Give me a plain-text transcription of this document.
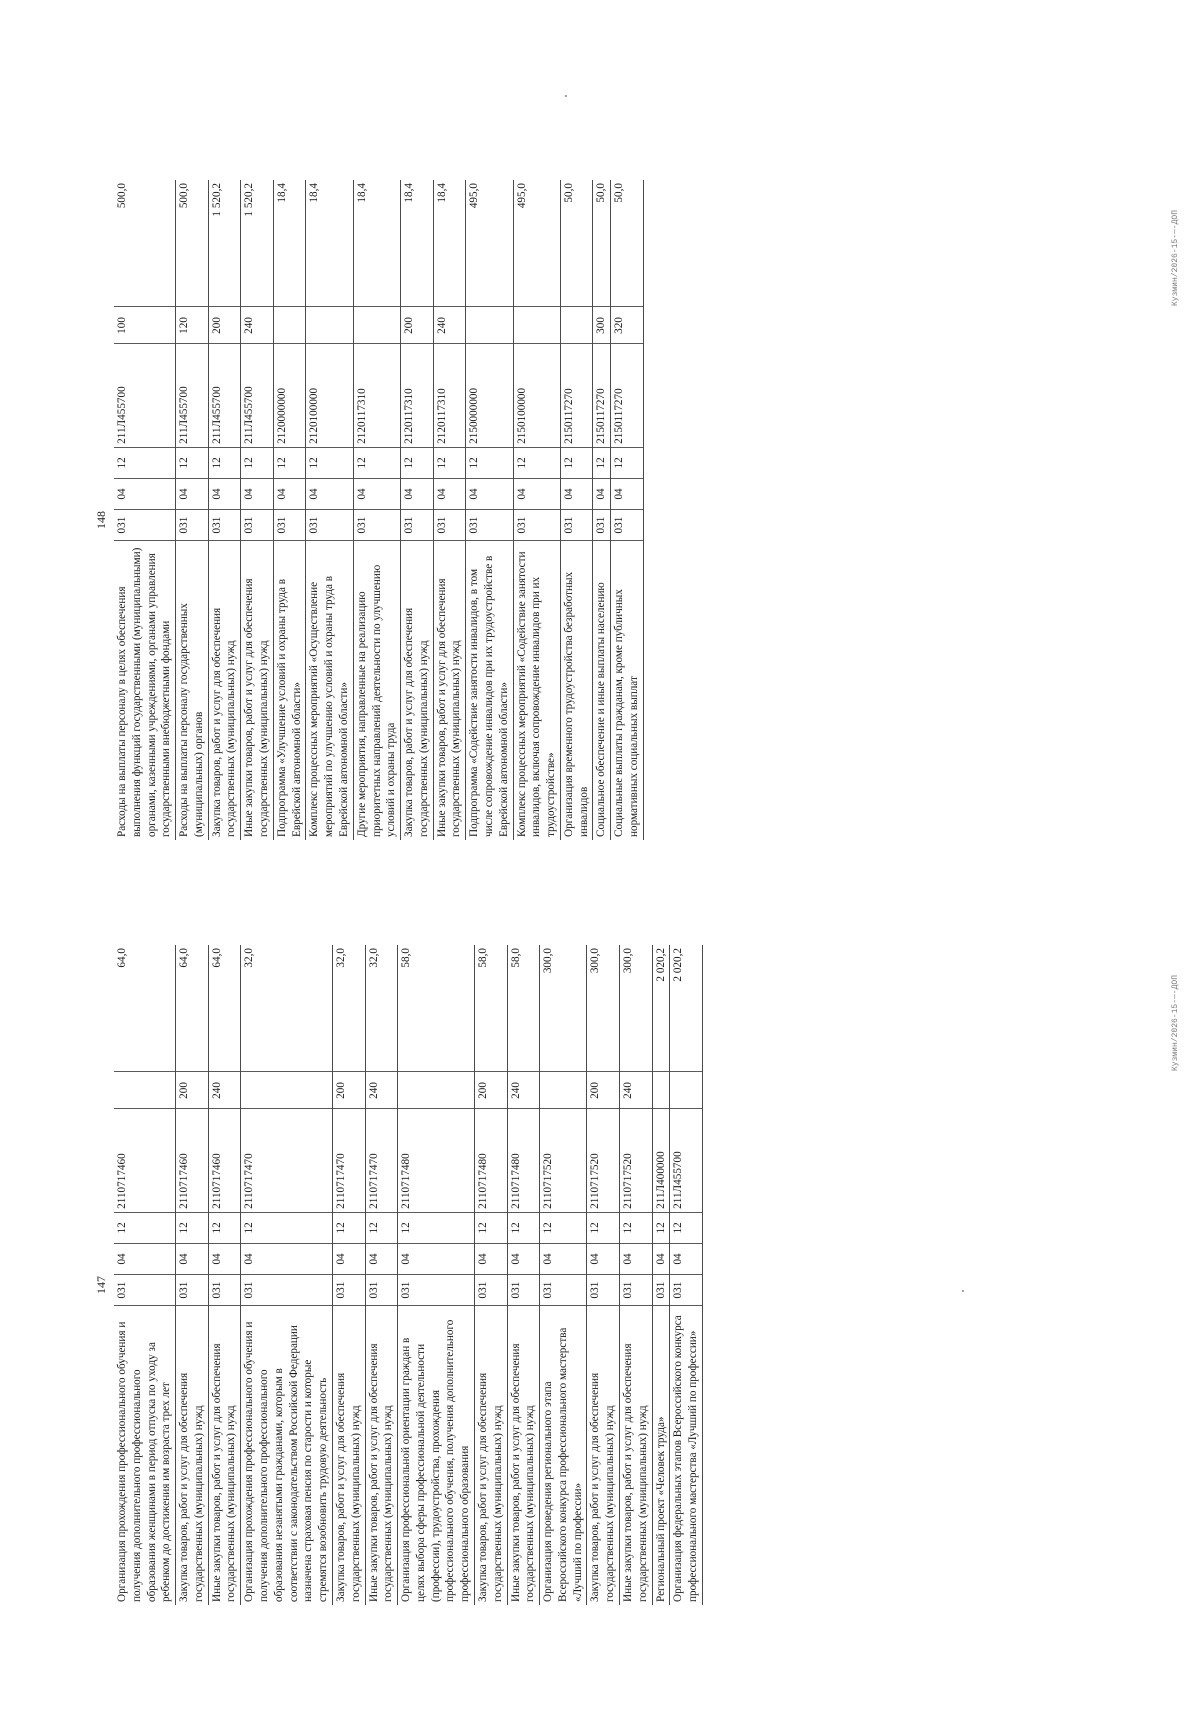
147
Организация прохождения профессионального обучения и получения дополнительного профессионального образования женщинами в период отпуска по уходу за ребенком до достижения им возраста трех лет	031	04	12	2110717460		64,0
Закупка товаров, работ и услуг для обеспечения государственных (муниципальных) нужд	031	04	12	2110717460	200	64,0
Иные закупки товаров, работ и услуг для обеспечения государственных (муниципальных) нужд	031	04	12	2110717460	240	64,0
Организация прохождения профессионального обучения и получения дополнительного профессионального образования незанятыми гражданами, которым в соответствии с законодательством Российской Федерации назначена страховая пенсия по старости и которые стремятся возобновить трудовую деятельность	031	04	12	2110717470		32,0
Закупка товаров, работ и услуг для обеспечения государственных (муниципальных) нужд	031	04	12	2110717470	200	32,0
Иные закупки товаров, работ и услуг для обеспечения государственных (муниципальных) нужд	031	04	12	2110717470	240	32,0
Организация профессиональной ориентации граждан в целях выбора сферы профессиональной деятельности (профессии), трудоустройства, прохождения профессионального обучения, получения дополнительного профессионального образования	031	04	12	2110717480		58,0
Закупка товаров, работ и услуг для обеспечения государственных (муниципальных) нужд	031	04	12	2110717480	200	58,0
Иные закупки товаров, работ и услуг для обеспечения государственных (муниципальных) нужд	031	04	12	2110717480	240	58,0
Организация проведения регионального этапа Всероссийского конкурса профессионального мастерства «Лучший по профессии»	031	04	12	2110717520		300,0
Закупка товаров, работ и услуг для обеспечения государственных (муниципальных) нужд	031	04	12	2110717520	200	300,0
Иные закупки товаров, работ и услуг для обеспечения государственных (муниципальных) нужд	031	04	12	2110717520	240	300,0
Региональный проект «Человек труда»	031	04	12	211Л400000		2 020,2
Организация федеральных этапов Всероссийского конкурса профессионального мастерства «Лучший по профессии»	031	04	12	211Л455700		2 020,2
Кузмин/2026-15-—-ДОП
148
Расходы на выплаты персоналу в целях обеспечения выполнения функций государственными (муниципальными) органами, казенными учреждениями, органами управления государственными внебюджетными фондами	031	04	12	211Л455700	100	500,0
Расходы на выплаты персоналу государственных (муниципальных) органов	031	04	12	211Л455700	120	500,0
Закупка товаров, работ и услуг для обеспечения государственных (муниципальных) нужд	031	04	12	211Л455700	200	1 520,2
Иные закупки товаров, работ и услуг для обеспечения государственных (муниципальных) нужд	031	04	12	211Л455700	240	1 520,2
Подпрограмма «Улучшение условий и охраны труда в Еврейской автономной области»	031	04	12	2120000000		18,4
Комплекс процессных мероприятий «Осуществление мероприятий по улучшению условий и охраны труда в Еврейской автономной области»	031	04	12	2120100000		18,4
Другие мероприятия, направленные на реализацию приоритетных направлений деятельности по улучшению условий и охраны труда	031	04	12	2120117310		18,4
Закупка товаров, работ и услуг для обеспечения государственных (муниципальных) нужд	031	04	12	2120117310	200	18,4
Иные закупки товаров, работ и услуг для обеспечения государственных (муниципальных) нужд	031	04	12	2120117310	240	18,4
Подпрограмма «Содействие занятости инвалидов, в том числе сопровождение инвалидов при их трудоустройстве в Еврейской автономной области»	031	04	12	2150000000		495,0
Комплекс процессных мероприятий «Содействие занятости инвалидов, включая сопровождение инвалидов при их трудоустройстве»	031	04	12	2150100000		495,0
Организация временного трудоустройства безработных инвалидов	031	04	12	2150117270		50,0
Социальное обеспечение и иные выплаты населению	031	04	12	2150117270	300	50,0
Социальные выплаты гражданам, кроме публичных нормативных социальных выплат	031	04	12	2150117270	320	50,0
Кузмин/2026-15-—-ДОП
